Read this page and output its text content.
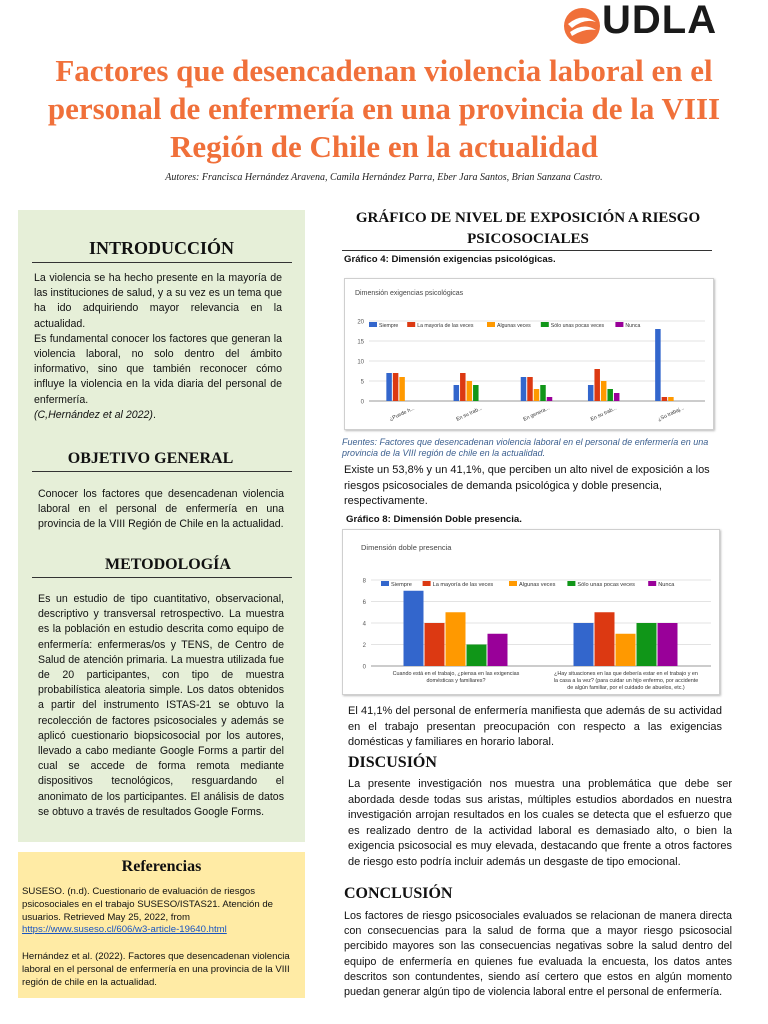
UDLA
Factores que desencadenan violencia laboral en el personal de enfermería en una provincia de la VIII Región de Chile en la actualidad
Autores: Francisca Hernández Aravena, Camila Hernández Parra, Eber Jara Santos, Brian Sanzana Castro.
INTRODUCCIÓN

La violencia se ha hecho presente en la mayoría de las instituciones de salud, y a su vez es un tema que ha ido adquiriendo mayor relevancia en la actualidad.

Es fundamental conocer los factores que generan la violencia laboral, no solo dentro del ámbito informativo, sino que también reconocer cómo influye la violencia en la vida diaria del personal de enfermería.

(C,Hernández et al 2022).

OBJETIVO GENERAL
Conocer los factores que desencadenan violencia laboral en el personal de enfermería en una provincia de la VIII Región de Chile en la actualidad.
METODOLOGÍA
Es un estudio de tipo cuantitativo, observacional, descriptivo y transversal retrospectivo. La muestra es la población en estudio descrita como equipo de enfermería: enfermeras/os y TENS, de Centro de Salud de atención primaria. La muestra utilizada fue de 20 participantes, con tipo de muestra probabilística aleatoria simple. Los datos obtenidos a partir del instrumento ISTAS-21 se obtuvo la recolección de factores psicosociales y además se aplicó cuestionario biopsicosocial por los autores, llevado a cabo mediante Google Forms a partir del cual se accede de forma remota mediante dispositivos tecnológicos, resguardando el anonimato de los participantes. El análisis de datos se obtuvo a través de resultados Google Forms.
Referencias
SUSESO. (n.d). Cuestionario de evaluación de riesgos psicosociales en el trabajo SUSESO/ISTAS21. Atención de usuarios. Retrieved May 25, 2022, from
https://www.suseso.cl/606/w3-article-19640.html
Hernández et al. (2022). Factores que desencadenan violencia laboral en el personal de enfermería en una provincia de la VIII región de chile en la actualidad.
GRÁFICO DE NIVEL DE EXPOSICIÓN A RIESGO PSICOSOCIALES
Gráfico 4: Dimensión exigencias psicológicas.
Dimensión exigencias psicológicas
Siempre	La mayoría de las veces	Algunas veces	Sólo unas pocas veces	Nunca
0
5
10
15
20
¿Puede h...	En su trab...	En genera...	En su trab...	¿Su trabaj...
Fuentes: Factores que desencadenan violencia laboral en el personal de enfermería en una provincia de la VIII región de chile en la actualidad.
Existe un 53,8% y un 41,1%, que perciben un alto nivel de exposición a los riesgos psicosociales de demanda psicológica y doble presencia, respectivamente.
Gráfico 8: Dimensión Doble presencia.
Dimensión doble presencia
Siempre	La mayoría de las veces	Algunas veces	Sólo unas pocas veces	Nunca
0
2
4
6
8
Cuando está en el trabajo, ¿piensa en las exigencias
domésticas y familiares?
¿Hay situaciones en las que debería estar en el trabajo y en
la casa a la vez? (para cuidar un hijo enfermo, por accidente
de algún familiar, por el cuidado de abuelos, etc.)
El 41,1% del personal de enfermería manifiesta que además de su actividad en el trabajo presentan preocupación con respecto a las exigencias domésticas y familiares en horario laboral.
DISCUSIÓN
La presente investigación nos muestra una problemática que debe ser abordada desde todas sus aristas, múltiples estudios abordados en nuestra investigación arrojan resultados en los cuales se detecta que el esfuerzo que es realizado dentro de la actividad laboral es demasiado alto, o bien la exigencia psicosocial es muy elevada, destacando que frente a otros factores de riesgo esto podría incluir además un desgaste de tipo emocional.
CONCLUSIÓN
Los factores de riesgo psicosociales evaluados se relacionan de manera directa con consecuencias para la salud de forma que a mayor riesgo psicosocial percibido mayores son las consecuencias negativas sobre la salud dentro del equipo de enfermería en quienes fue evaluada la encuesta, los datos antes descritos son contundentes, siendo así certero que estos en algún momento puedan generar algún tipo de violencia laboral entre el personal de enfermería.
